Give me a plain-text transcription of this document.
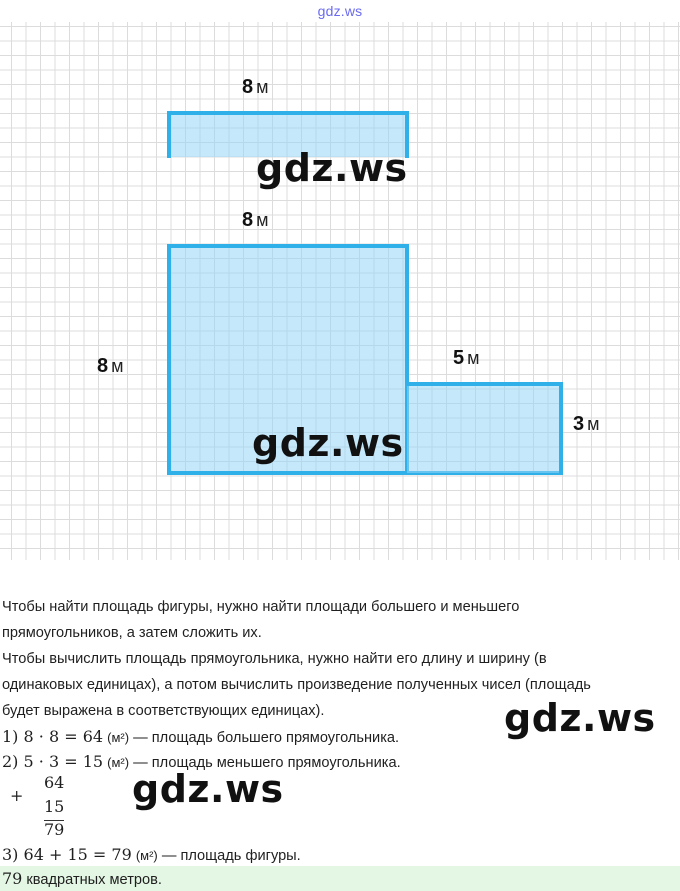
gdz.ws
8 м
8 м
8 м	5 м
3 м
gdz.ws
gdz.ws
gdz.ws
gdz.ws
Чтобы найти площадь фигуры, нужно найти площади большего и меньшего
прямоугольников, а затем сложить их.
Чтобы вычислить площадь прямоугольника, нужно найти его длину и ширину (в
одинаковых единицах), а потом вычислить произведение полученных чисел (площадь
будет выражена в соответствующих единицах).
1) 8 · 8 = 64 (м²) — площадь большего прямоугольника.
2) 5 · 3 = 15 (м²) — площадь меньшего прямоугольника.
+
64
15
79
3) 64 + 15 = 79 (м²) — площадь фигуры.
79 квадратных метров.
